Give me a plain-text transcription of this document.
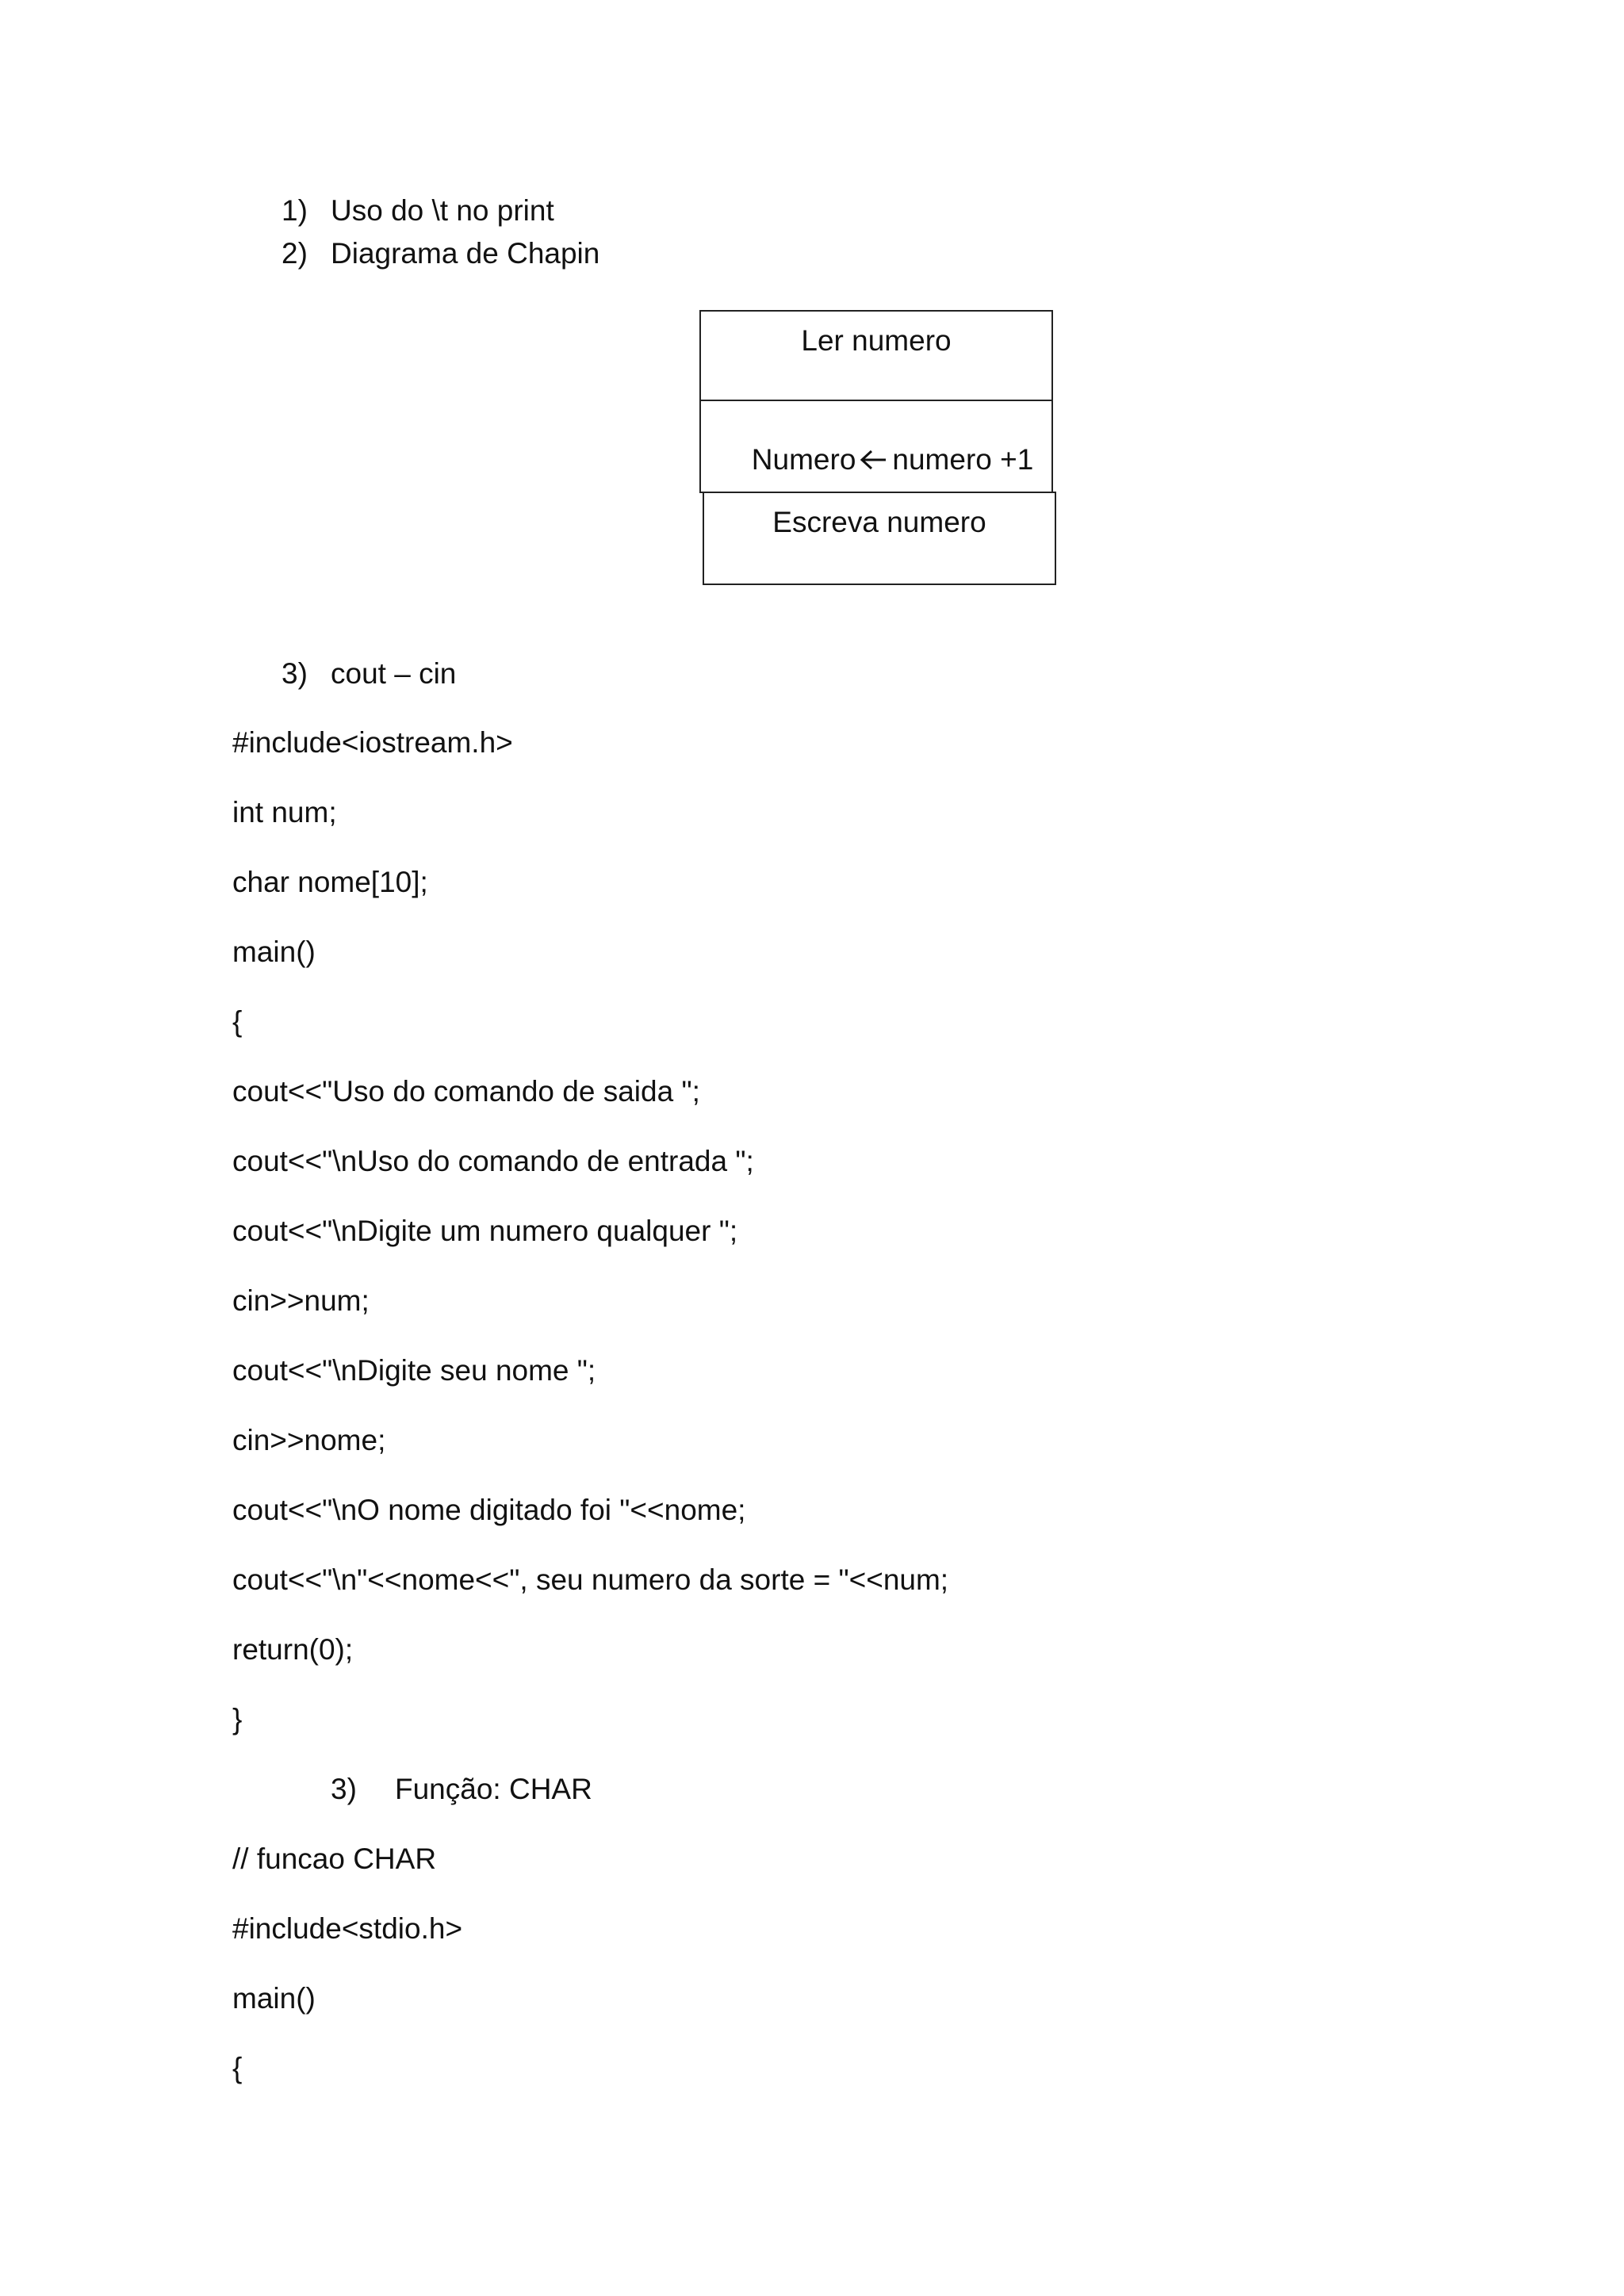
1) Uso do \t no print
2) Diagrama de Chapin
Ler numero

Numero numero +1

Escreva numero
3) cout – cin
#include<iostream.h>
int num;
char nome[10];
main()
{
cout<<"Uso do comando de saida ";
cout<<"\nUso do comando de entrada ";
cout<<"\nDigite um numero qualquer ";
cin>>num;
cout<<"\nDigite seu nome ";
cin>>nome;
cout<<"\nO nome digitado foi "<<nome;
cout<<"\n"<<nome<<", seu numero da sorte = "<<num;
return(0);
}
3)	Função: CHAR
// funcao CHAR
#include<stdio.h>
main()
{
